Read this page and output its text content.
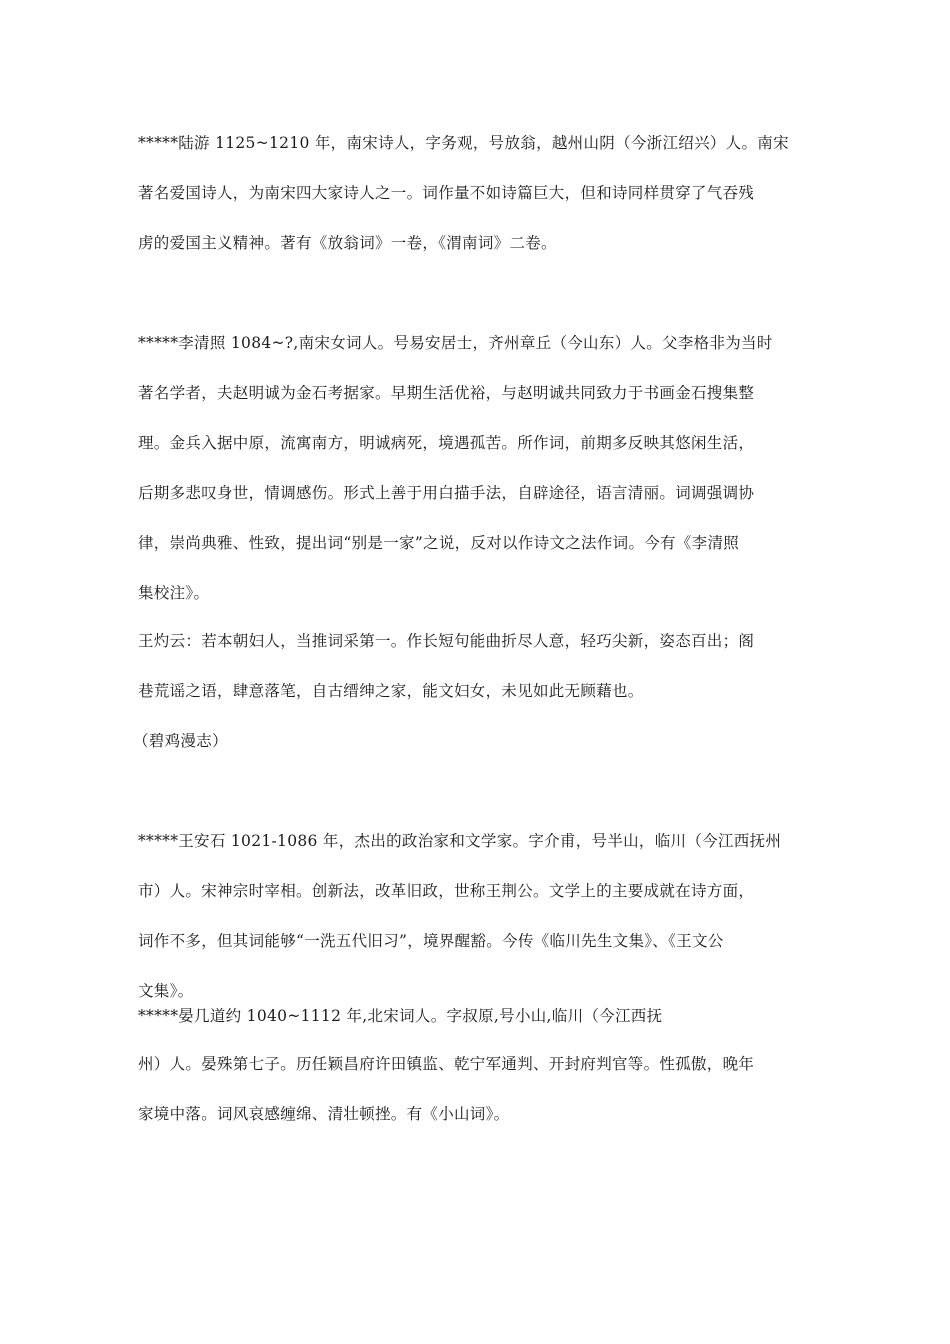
*****陆游 1125~1210 年，南宋诗人，字务观，号放翁，越州山阴（今浙江绍兴）人。南宋
著名爱国诗人，为南宋四大家诗人之一。词作量不如诗篇巨大，但和诗同样贯穿了气吞残
虏的爱国主义精神。著有《放翁词》一卷，《渭南词》二卷。
*****李清照 1084~?,南宋女词人。号易安居士，齐州章丘（今山东）人。父李格非为当时
著名学者，夫赵明诚为金石考据家。早期生活优裕，与赵明诚共同致力于书画金石搜集整
理。金兵入据中原，流寓南方，明诚病死，境遇孤苦。所作词，前期多反映其悠闲生活，
后期多悲叹身世，情调感伤。形式上善于用白描手法，自辟途径，语言清丽。词调强调协
律，崇尚典雅、性致，提出词“别是一家”之说，反对以作诗文之法作词。今有《李清照
集校注》。
王灼云：若本朝妇人，当推词采第一。作长短句能曲折尽人意，轻巧尖新，姿态百出；阁
巷荒谣之语，肆意落笔，自古缙绅之家，能文妇女，未见如此无顾藉也。
（碧鸡漫志）
*****王安石 1021-1086 年，杰出的政治家和文学家。字介甫，号半山，临川（今江西抚州
市）人。宋神宗时宰相。创新法，改革旧政，世称王荆公。文学上的主要成就在诗方面，
词作不多，但其词能够“一洗五代旧习”，境界醒豁。今传《临川先生文集》、《王文公
文集》。
*****晏几道约 1040~1112 年,北宋词人。字叔原,号小山,临川（今江西抚
州）人。晏殊第七子。历任颖昌府许田镇监、乾宁军通判、开封府判官等。性孤傲，晚年
家境中落。词风哀感缠绵、清壮顿挫。有《小山词》。
